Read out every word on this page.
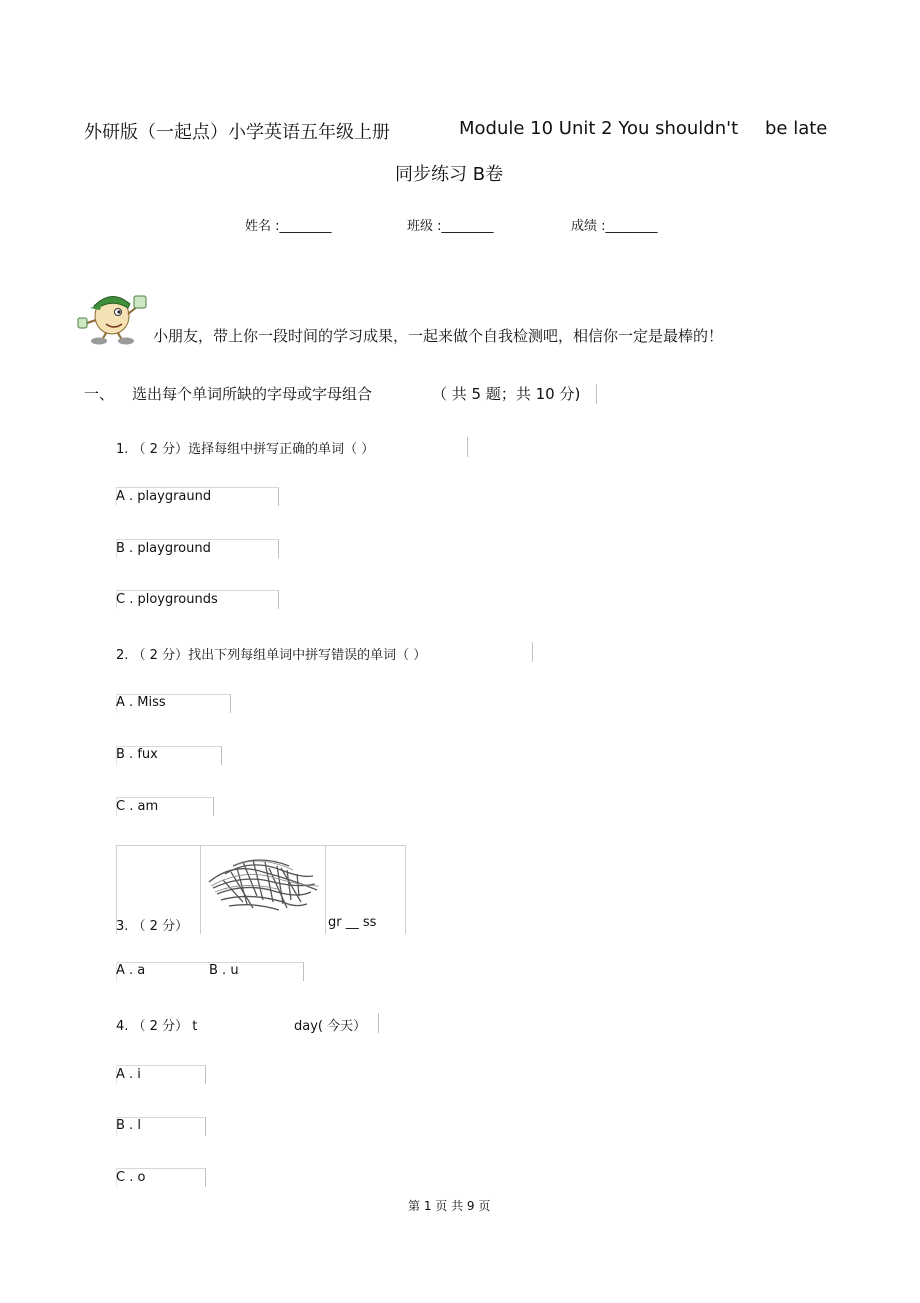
外研版（一起点）小学英语五年级上册	Module 10 Unit 2 You shouldn't be late
同步练习 B卷
姓名 :________	班级 :________	成绩 :________
小朋友，带上你一段时间的学习成果，一起来做个自我检测吧，相信你一定是最棒的！
一、 选出每个单词所缺的字母或字母组合	（ 共 5 题；共 10 分)
1. （ 2 分）选择每组中拼写正确的单词（ ）
A . playgraund
B . playground
C . ploygrounds
2. （ 2 分）找出下列每组单词中拼写错误的单词（ ）
A . Miss
B . fux
C . am
3. （ 2 分）	gr __ ss
A . a	B . u
4. （ 2 分） t	day( 今天）
A . i
B . l
C . o
第 1 页 共 9 页
